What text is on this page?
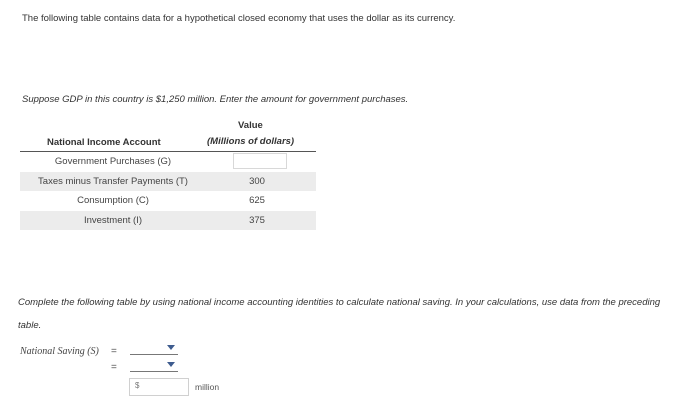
The following table contains data for a hypothetical closed economy that uses the dollar as its currency.
Suppose GDP in this country is $1,250 million. Enter the amount for government purchases.
National Income Account
Value
(Millions of dollars)
Government Purchases (G)
Taxes minus Transfer Payments (T)	300
Consumption (C)	625
Investment (I)	375
Complete the following table by using national income accounting identities to calculate national saving. In your calculations, use data from the preceding table.
National Saving (S) =
=
$	million
